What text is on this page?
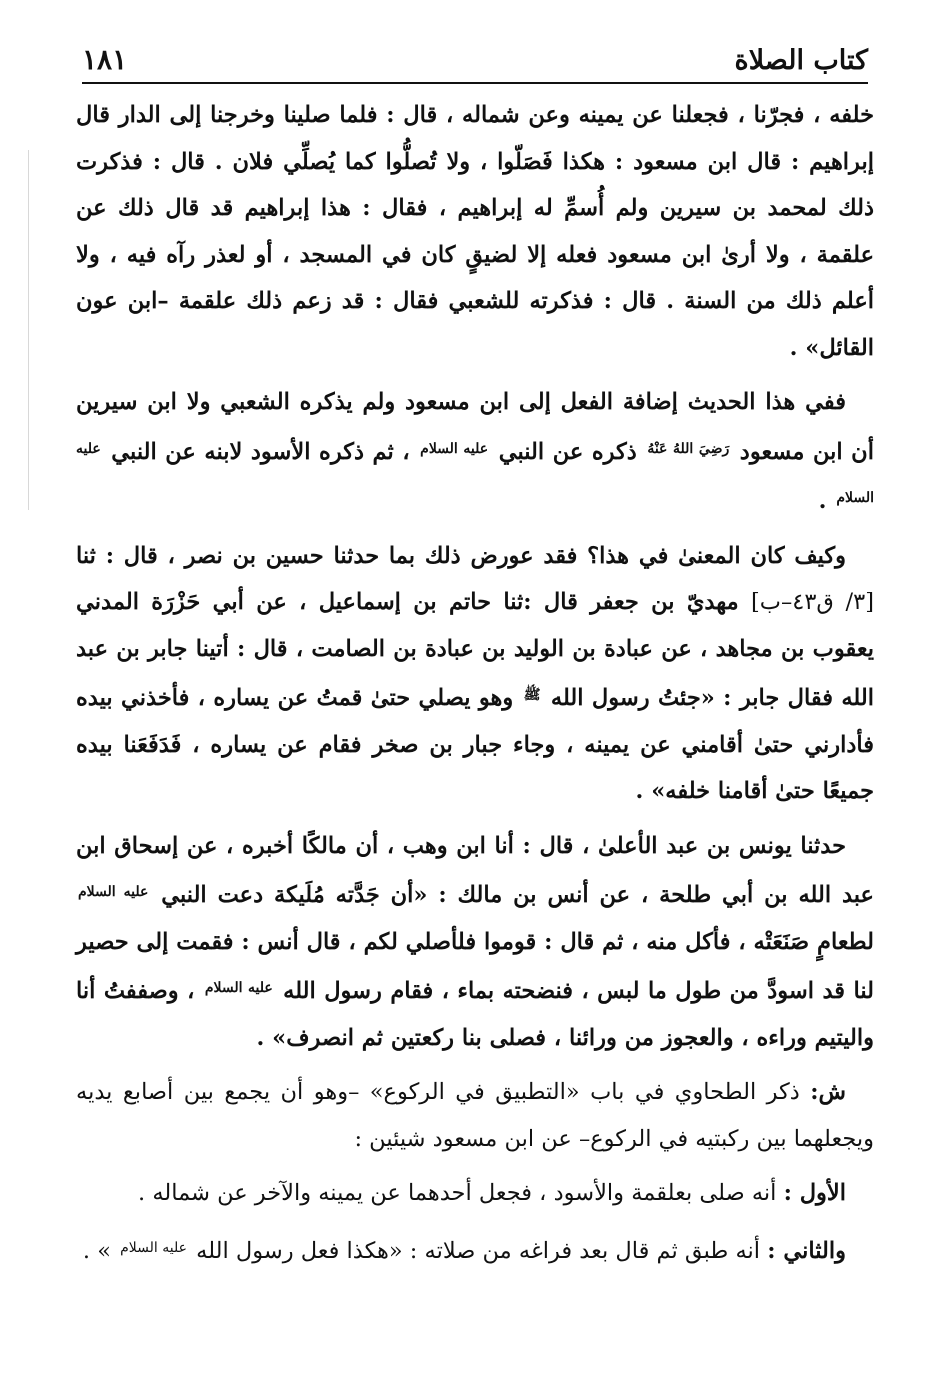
كتاب الصلاة
١٨١

خلفه ، فجرّنا ، فجعلنا عن يمينه وعن شماله ، قال : فلما صلينا وخرجنا إلى الدار قال إبراهيم : قال ابن مسعود : هكذا فَصَلّوا ، ولا تُصلُّوا كما يُصلِّي فلان . قال : فذكرت ذلك لمحمد بن سيرين ولم أُسمِّ له إبراهيم ، فقال : هذا إبراهيم قد قال ذلك عن علقمة ، ولا أرىٰ ابن مسعود فعله إلا لضيقٍ كان في المسجد ، أو لعذر رآه فيه ، ولا أعلم ذلك من السنة . قال : فذكرته للشعبي فقال : قد زعم ذلك علقمة –ابن عون القائل» .

ففي هذا الحديث إضافة الفعل إلى ابن مسعود ولم يذكره الشعبي ولا ابن سيرين أن ابن مسعود $^{رَضِيَ اللهُ عَنْهُ}$ ذكره عن النبي $^{عليه السلام}$ ، ثم ذكره الأسود لابنه عن النبي $^{عليه السلام}$ .

وكيف كان المعنىٰ في هذا؟ فقد عورض ذلك بما حدثنا حسين بن نصر ، قال : ثنا [٣/ ق٤٣–ب] مهديّ بن جعفر قال :ثنا حاتم بن إسماعيل ، عن أبي حَزْرَة المدني يعقوب بن مجاهد ، عن عبادة بن الوليد بن عبادة بن الصامت ، قال : أتينا جابر بن عبد الله فقال جابر : «جئتُ رسول الله $^ﷺ$ وهو يصلي حتىٰ قمتُ عن يساره ، فأخذني بيده فأدارني حتىٰ أقامني عن يمينه ، وجاء جبار بن صخر فقام عن يساره ، فَدَفَعَنا بيده جميعًا حتىٰ أقامنا خلفه» .

حدثنا يونس بن عبد الأعلىٰ ، قال : أنا ابن وهب ، أن مالكًا أخبره ، عن إسحاق ابن عبد الله بن أبي طلحة ، عن أنس بن مالك : «أن جَدَّته مُلَيكة دعت النبي $^{عليه السلام}$ لطعامٍ صَنَعَتْه ، فأكل منه ، ثم قال : قوموا فلأصلي لكم ، قال أنس : فقمت إلى حصير لنا قد اسودَّ من طول ما لبس ، فنضحته بماء ، فقام رسول الله $^{عليه السلام}$ ، وصففتُ أنا واليتيم وراءه ، والعجوز من ورائنا ، فصلى بنا ركعتين ثم انصرف» .

ش: ذكر الطحاوي في باب «التطبيق في الركوع» –وهو أن يجمع بين أصابع يديه ويجعلهما بين ركبتيه في الركوع– عن ابن مسعود شيئين :

الأول : أنه صلى بعلقمة والأسود ، فجعل أحدهما عن يمينه والآخر عن شماله .

والثاني : أنه طبق ثم قال بعد فراغه من صلاته : «هكذا فعل رسول الله $^{عليه السلام}$ » .
